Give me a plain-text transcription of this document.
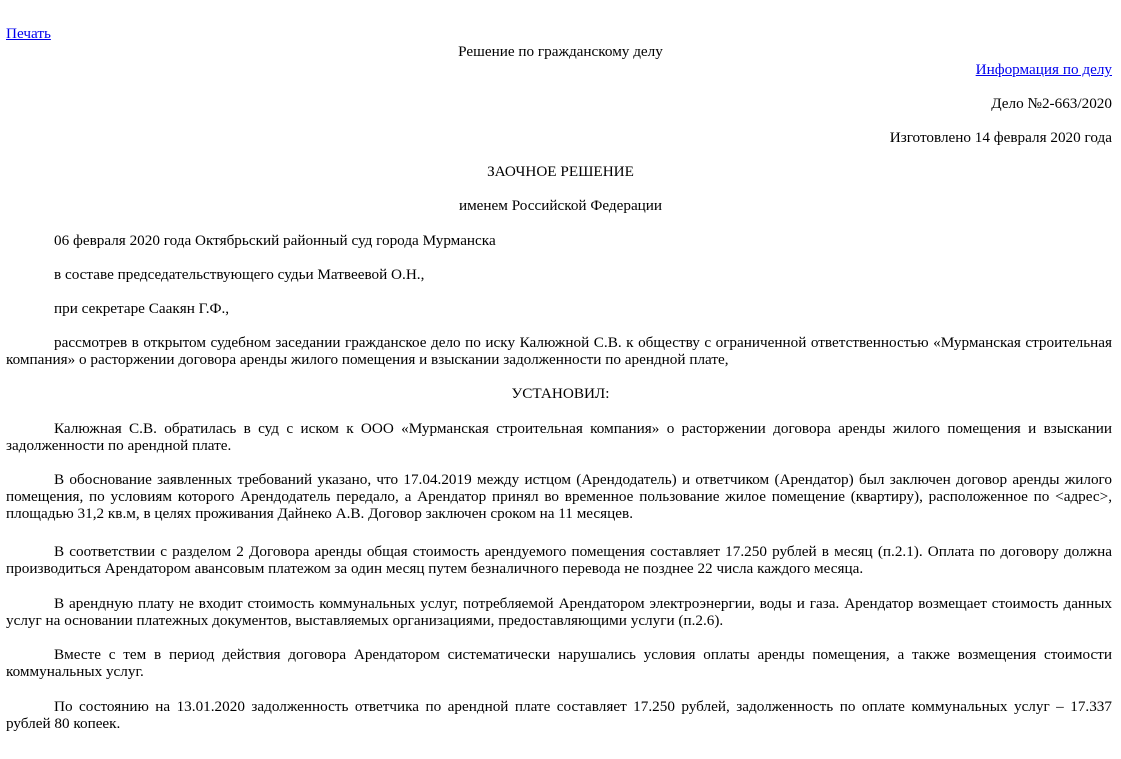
Печать
Решение по гражданскому делу
Информация по делу
Дело №2-663/2020
Изготовлено 14 февраля 2020 года
ЗАОЧНОЕ РЕШЕНИЕ
именем Российской Федерации
06 февраля 2020 года Октябрьский районный суд города Мурманска
в составе председательствующего судьи Матвеевой О.Н.,
при секретаре Саакян Г.Ф.,
рассмотрев в открытом судебном заседании гражданское дело по иску Калюжной С.В. к обществу с ограниченной ответственностью «Мурманская строительная компания» о расторжении договора аренды жилого помещения и взыскании задолженности по арендной плате,
УСТАНОВИЛ:
Калюжная С.В. обратилась в суд с иском к ООО «Мурманская строительная компания» о расторжении договора аренды жилого помещения и взыскании задолженности по арендной плате.
В обоснование заявленных требований указано, что 17.04.2019 между истцом (Арендодатель) и ответчиком (Арендатор) был заключен договор аренды жилого помещения, по условиям которого Арендодатель передало, а Арендатор принял во временное пользование жилое помещение (квартиру), расположенное по <адрес>, площадью 31,2 кв.м, в целях проживания Дайнеко А.В. Договор заключен сроком на 11 месяцев.
В соответствии с разделом 2 Договора аренды общая стоимость арендуемого помещения составляет 17.250 рублей в месяц (п.2.1). Оплата по договору должна производиться Арендатором авансовым платежом за один месяц путем безналичного перевода не позднее 22 числа каждого месяца.
В арендную плату не входит стоимость коммунальных услуг, потребляемой Арендатором электроэнергии, воды и газа. Арендатор возмещает стоимость данных услуг на основании платежных документов, выставляемых организациями, предоставляющими услуги (п.2.6).
Вместе с тем в период действия договора Арендатором систематически нарушались условия оплаты аренды помещения, а также возмещения стоимости коммунальных услуг.
По состоянию на 13.01.2020 задолженность ответчика по арендной плате составляет 17.250 рублей, задолженность по оплате коммунальных услуг – 17.337 рублей 80 копеек.
